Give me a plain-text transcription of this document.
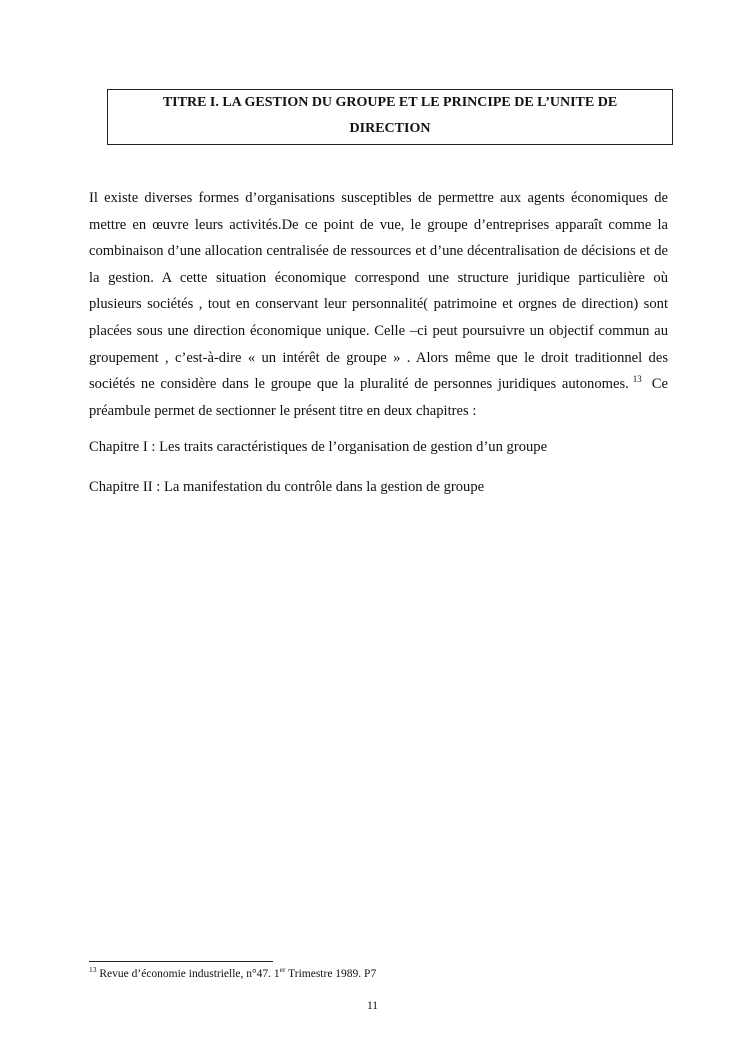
TITRE I. LA GESTION DU GROUPE ET LE PRINCIPE DE L’UNITE DE
DIRECTION

Il existe diverses formes d’organisations susceptibles de permettre aux agents économiques de mettre en œuvre leurs activités.De ce point de vue, le groupe d’entreprises apparaît comme la combinaison d’une allocation centralisée de ressources et d’une décentralisation de décisions et de la gestion. A cette situation économique correspond une structure juridique particulière où plusieurs sociétés , tout en conservant leur personnalité( patrimoine et orgnes de direction) sont placées sous une direction économique unique. Celle –ci peut poursuivre un objectif commun au groupement , c’est-à-dire « un intérêt de groupe » . Alors même que le droit traditionnel des sociétés ne considère dans le groupe que la pluralité de personnes juridiques autonomes. $^{13}$ Ce préambule permet de sectionner le présent titre en deux chapitres :

Chapitre I : Les traits caractéristiques de l’organisation de gestion d’un groupe

Chapitre II : La manifestation du contrôle dans la gestion de groupe

$^{13}$ Revue d’économie industrielle, n°47. 1er Trimestre 1989. P7

11
